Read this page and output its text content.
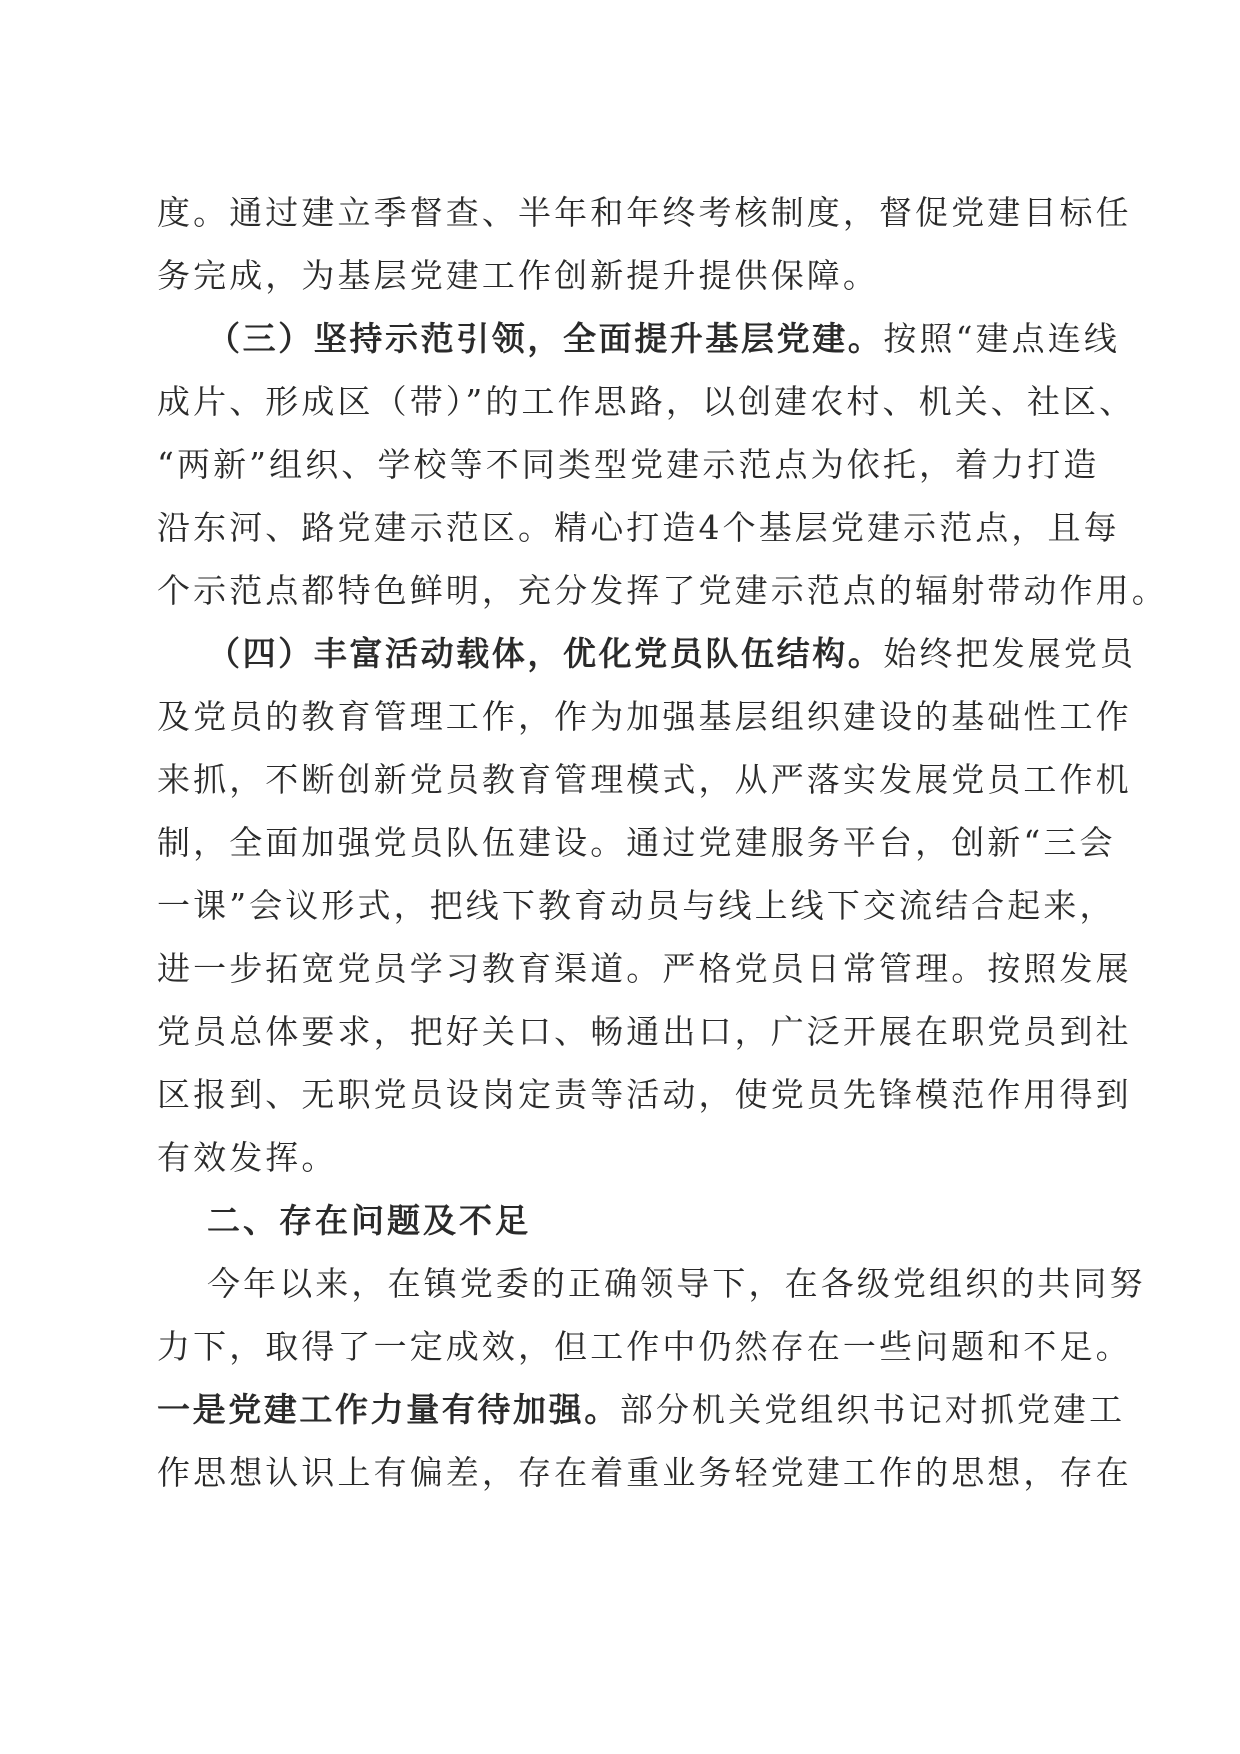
度。通过建立季督查、半年和年终考核制度，督促党建目标任
务完成，为基层党建工作创新提升提供保障。
（三）坚持示范引领，全面提升基层党建。按照“建点连线
成片、形成区（带）”的工作思路，以创建农村、机关、社区、
“两新”组织、学校等不同类型党建示范点为依托，着力打造
沿东河、路党建示范区。精心打造4个基层党建示范点，且每
个示范点都特色鲜明，充分发挥了党建示范点的辐射带动作用。
（四）丰富活动载体，优化党员队伍结构。始终把发展党员
及党员的教育管理工作，作为加强基层组织建设的基础性工作
来抓，不断创新党员教育管理模式，从严落实发展党员工作机
制，全面加强党员队伍建设。通过党建服务平台，创新“三会
一课”会议形式，把线下教育动员与线上线下交流结合起来，
进一步拓宽党员学习教育渠道。严格党员日常管理。按照发展
党员总体要求，把好关口、畅通出口，广泛开展在职党员到社
区报到、无职党员设岗定责等活动，使党员先锋模范作用得到
有效发挥。
二、存在问题及不足
今年以来，在镇党委的正确领导下，在各级党组织的共同努
力下，取得了一定成效，但工作中仍然存在一些问题和不足。
一是党建工作力量有待加强。部分机关党组织书记对抓党建工
作思想认识上有偏差，存在着重业务轻党建工作的思想，存在
